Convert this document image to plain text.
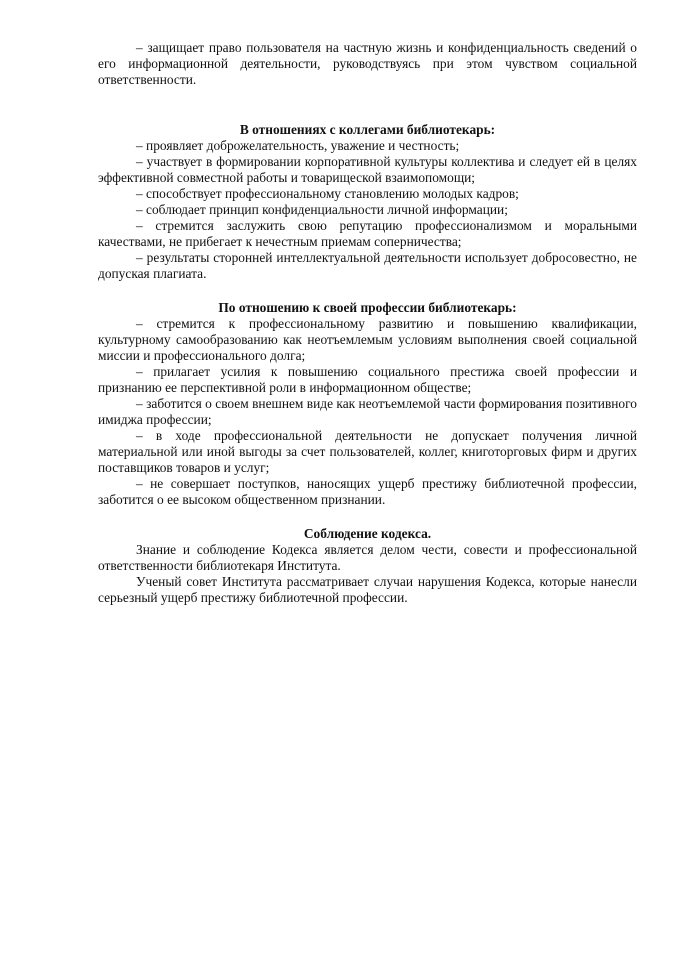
– защищает право пользователя на частную жизнь и конфиденциальность сведений о его информационной деятельности, руководствуясь при этом чувством социальной ответственности.

В отношениях с коллегами библиотекарь:

– проявляет доброжелательность, уважение и честность;

– участвует в формировании корпоративной культуры коллектива и следует ей в целях эффективной совместной работы и товарищеской взаимопомощи;

– способствует профессиональному становлению молодых кадров;

– соблюдает принцип конфиденциальности личной информации;

– стремится заслужить свою репутацию профессионализмом и моральными качествами, не прибегает к нечестным приемам соперничества;

– результаты сторонней интеллектуальной деятельности использует добросовестно, не допуская плагиата.

По отношению к своей профессии библиотекарь:

– стремится к профессиональному развитию и повышению квалификации, культурному самообразованию как неотъемлемым условиям выполнения своей социальной миссии и профессионального долга;

– прилагает усилия к повышению социального престижа своей профессии и признанию ее перспективной роли в информационном обществе;

– заботится о своем внешнем виде как неотъемлемой части формирования позитивного имиджа профессии;

– в ходе профессиональной деятельности не допускает получения личной материальной или иной выгоды за счет пользователей, коллег, книготорговых фирм и других поставщиков товаров и услуг;

– не совершает поступков, наносящих ущерб престижу библиотечной профессии, заботится о ее высоком общественном признании.

Соблюдение кодекса.

Знание и соблюдение Кодекса является делом чести, совести и профессиональной ответственности библиотекаря Института.

Ученый совет Института рассматривает случаи нарушения Кодекса, которые нанесли серьезный ущерб престижу библиотечной профессии.
